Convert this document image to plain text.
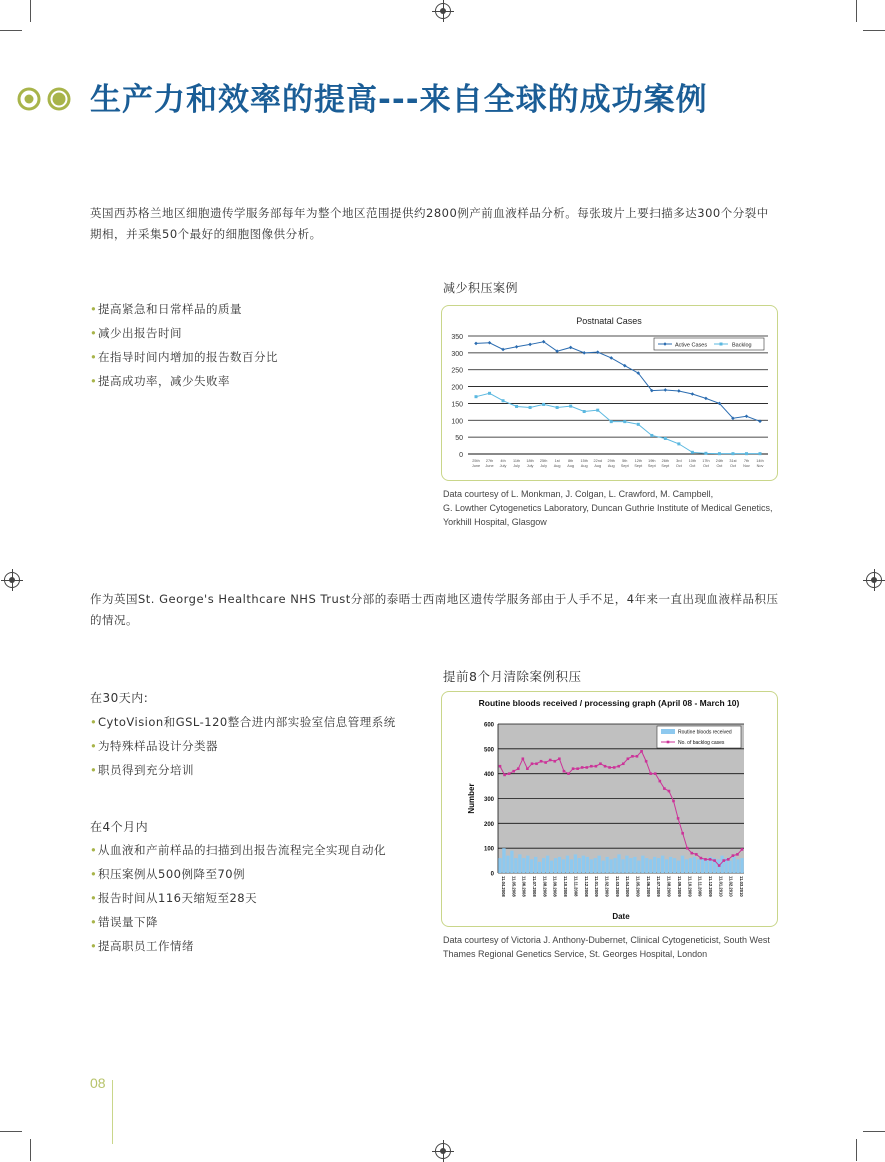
生产力和效率的提高---来自全球的成功案例
英国西苏格兰地区细胞遗传学服务部每年为整个地区范围提供约2800例产前血液样品分析。每张玻片上要扫描多达300个分裂中期相，并采集50个最好的细胞图像供分析。
• 提高紧急和日常样品的质量
• 减少出报告时间
• 在指导时间内增加的报告数百分比
• 提高成功率，减少失败率
减少积压案例
Postnatal Cases
0
50
100
150
200
250
300
350
25th June
27th June
4th July
11th July
18th July
25th July
1st Aug
8th Aug
15th Aug
22nd Aug
29th Aug
5th Sept
12th Sept
19th Sept
26th Sept
3rd Oct
10th Oct
17th Oct
24th Oct
31st Oct
7th Nov
14th Nov
Active Cases	Backlog
Data courtesy of L. Monkman, J. Colgan, L. Crawford, M. Campbell,
G. Lowther Cytogenetics Laboratory, Duncan Guthrie Institute of Medical Genetics,
Yorkhill Hospital, Glasgow
作为英国St. George's Healthcare NHS Trust分部的泰晤士西南地区遗传学服务部由于人手不足，4年来一直出现血液样品积压的情况。
提前8个月清除案例积压
在30天内:
• CytoVision和GSL-120整合进内部实验室信息管理系统
• 为特殊样品设计分类器
• 职员得到充分培训
在4个月内
• 从血液和产前样品的扫描到出报告流程完全实现自动化
• 积压案例从500例降至70例
• 报告时间从116天缩短至28天
• 错误量下降
• 提高职员工作情绪
Routine bloods received / processing graph (April 08 - March 10)
0
100
200
300
400
500
600
11.04.2008 11.05.2008 11.06.2008 11.07.2008 11.08.2008 11.09.2008 11.10.2008 11.11.2008 11.12.2008 11.01.2009 11.02.2009 11.03.2009 11.04.2009 11.05.2009 11.06.2009 11.07.2009 11.08.2009 11.09.2009 11.10.2009 11.11.2009 11.12.2009 11.01.2010 11.02.2010 11.03.2010
Date
Number
Routine bloods received
No. of backlog cases
Data courtesy of Victoria J. Anthony-Dubernet, Clinical Cytogeneticist, South West
Thames Regional Genetics Service, St. Georges Hospital, London
08
